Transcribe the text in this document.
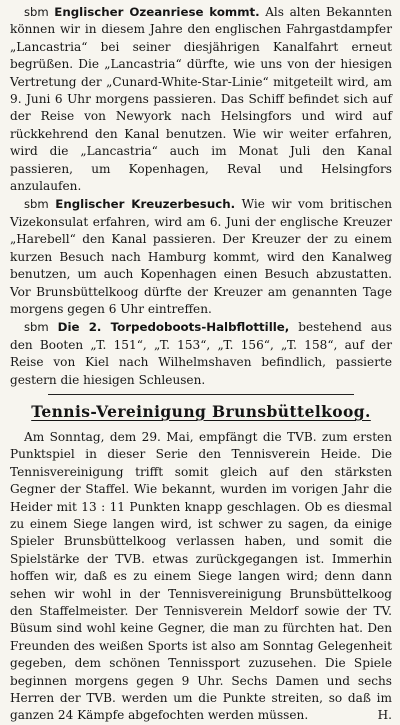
sbm Englischer Ozeanriese kommt. Als alten Bekannten können wir in diesem Jahre den englischen Fahrgastdampfer „Lancastria“ bei seiner diesjährigen Kanalfahrt erneut begrüßen. Die „Lancastria“ dürfte, wie uns von der hiesigen Vertretung der „Cunard-White-Star-Linie“ mitgeteilt wird, am 9. Juni 6 Uhr morgens passieren. Das Schiff befindet sich auf der Reise von Newyork nach Helsingfors und wird auf rückkehrend den Kanal benutzen. Wie wir weiter erfahren, wird die „Lancastria“ auch im Monat Juli den Kanal passieren, um Kopenhagen, Reval und Helsingfors anzulaufen.

sbm Englischer Kreuzerbesuch. Wie wir vom britischen Vizekonsulat erfahren, wird am 6. Juni der englische Kreuzer „Harebell“ den Kanal passieren. Der Kreuzer der zu einem kurzen Besuch nach Hamburg kommt, wird den Kanalweg benutzen, um auch Kopenhagen einen Besuch abzustatten. Vor Brunsbüttelkoog dürfte der Kreuzer am genannten Tage morgens gegen 6 Uhr eintreffen.

sbm Die 2. Torpedoboots-Halbflottille, bestehend aus den Booten „T. 151“, „T. 153“, „T. 156“, „T. 158“, auf der Reise von Kiel nach Wilhelmshaven befindlich, passierte gestern die hiesigen Schleusen.

Tennis-Vereinigung Brunsbüttelkoog.

Am Sonntag, dem 29. Mai, empfängt die TVB. zum ersten Punktspiel in dieser Serie den Tennisverein Heide. Die Tennisvereinigung trifft somit gleich auf den stärksten Gegner der Staffel. Wie bekannt, wurden im vorigen Jahr die Heider mit 13 : 11 Punkten knapp geschlagen. Ob es diesmal zu einem Siege langen wird, ist schwer zu sagen, da einige Spieler Brunsbüttelkoog verlassen haben, und somit die Spielstärke der TVB. etwas zurückgegangen ist. Immerhin hoffen wir, daß es zu einem Siege langen wird; denn dann sehen wir wohl in der Tennisvereinigung Brunsbüttelkoog den Staffelmeister. Der Tennisverein Meldorf sowie der TV. Büsum sind wohl keine Gegner, die man zu fürchten hat. Den Freunden des weißen Sports ist also am Sonntag Gelegenheit gegeben, dem schönen Tennissport zuzusehen. Die Spiele beginnen morgens gegen 9 Uhr. Sechs Damen und sechs Herren der TVB. werden um die Punkte streiten, so daß im ganzen 24 Kämpfe abgefochten werden müssen.	H.
